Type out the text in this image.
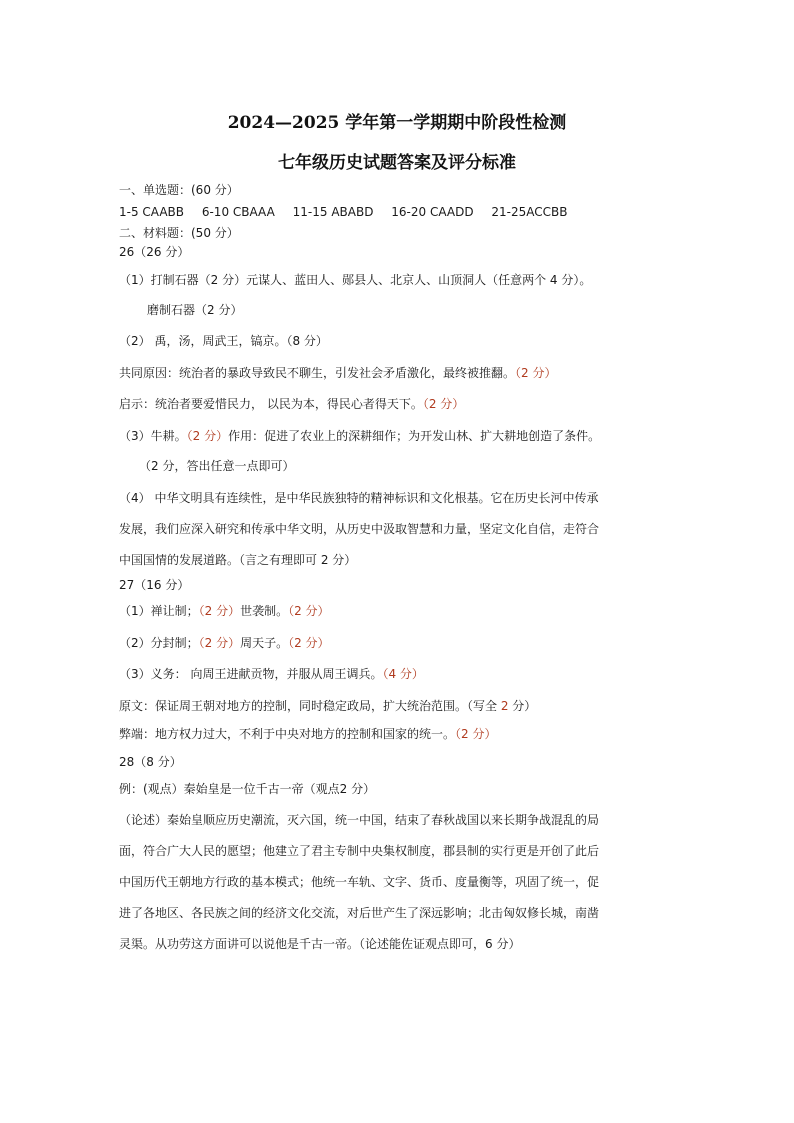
2024—2025 学年第一学期期中阶段性检测
七年级历史试题答案及评分标准
一、单选题：(60 分）
1-5 CAABB 6-10 CBAAA 11-15 ABABD 16-20 CAADD 21-25ACCBB
二、材料题：(50 分）
26（26 分）
（1）打制石器（2 分）元谋人、蓝田人、郧县人、北京人、山顶洞人（任意两个 4 分）。
磨制石器（2 分）
（2） 禹，汤，周武王，镐京。（8 分）
共同原因：统治者的暴政导致民不聊生，引发社会矛盾激化，最终被推翻。（2 分）
启示：统治者要爱惜民力， 以民为本，得民心者得天下。（2 分）
（3）牛耕。（2 分）作用：促进了农业上的深耕细作；为开发山林、扩大耕地创造了条件。
（2 分，答出任意一点即可）
（4） 中华文明具有连续性，是中华民族独特的精神标识和文化根基。它在历史长河中传承
发展，我们应深入研究和传承中华文明，从历史中汲取智慧和力量，坚定文化自信，走符合
中国国情的发展道路。（言之有理即可 2 分）
27（16 分）
（1）禅让制；（2 分）世袭制。（2 分）
（2）分封制；（2 分）周天子。（2 分）
（3）义务： 向周王进献贡物，并服从周王调兵。（4 分）
原文：保证周王朝对地方的控制，同时稳定政局，扩大统治范围。（写全 2 分）
弊端：地方权力过大，不利于中央对地方的控制和国家的统一。（2 分）
28（8 分）
例：(观点）秦始皇是一位千古一帝（观点2 分）
（论述）秦始皇顺应历史潮流，灭六国，统一中国，结束了春秋战国以来长期争战混乱的局
面，符合广大人民的愿望；他建立了君主专制中央集权制度，郡县制的实行更是开创了此后
中国历代王朝地方行政的基本模式；他统一车轨、文字、货币、度量衡等，巩固了统一，促
进了各地区、各民族之间的经济文化交流，对后世产生了深远影响；北击匈奴修长城，南凿
灵渠。从功劳这方面讲可以说他是千古一帝。（论述能佐证观点即可，6 分）
